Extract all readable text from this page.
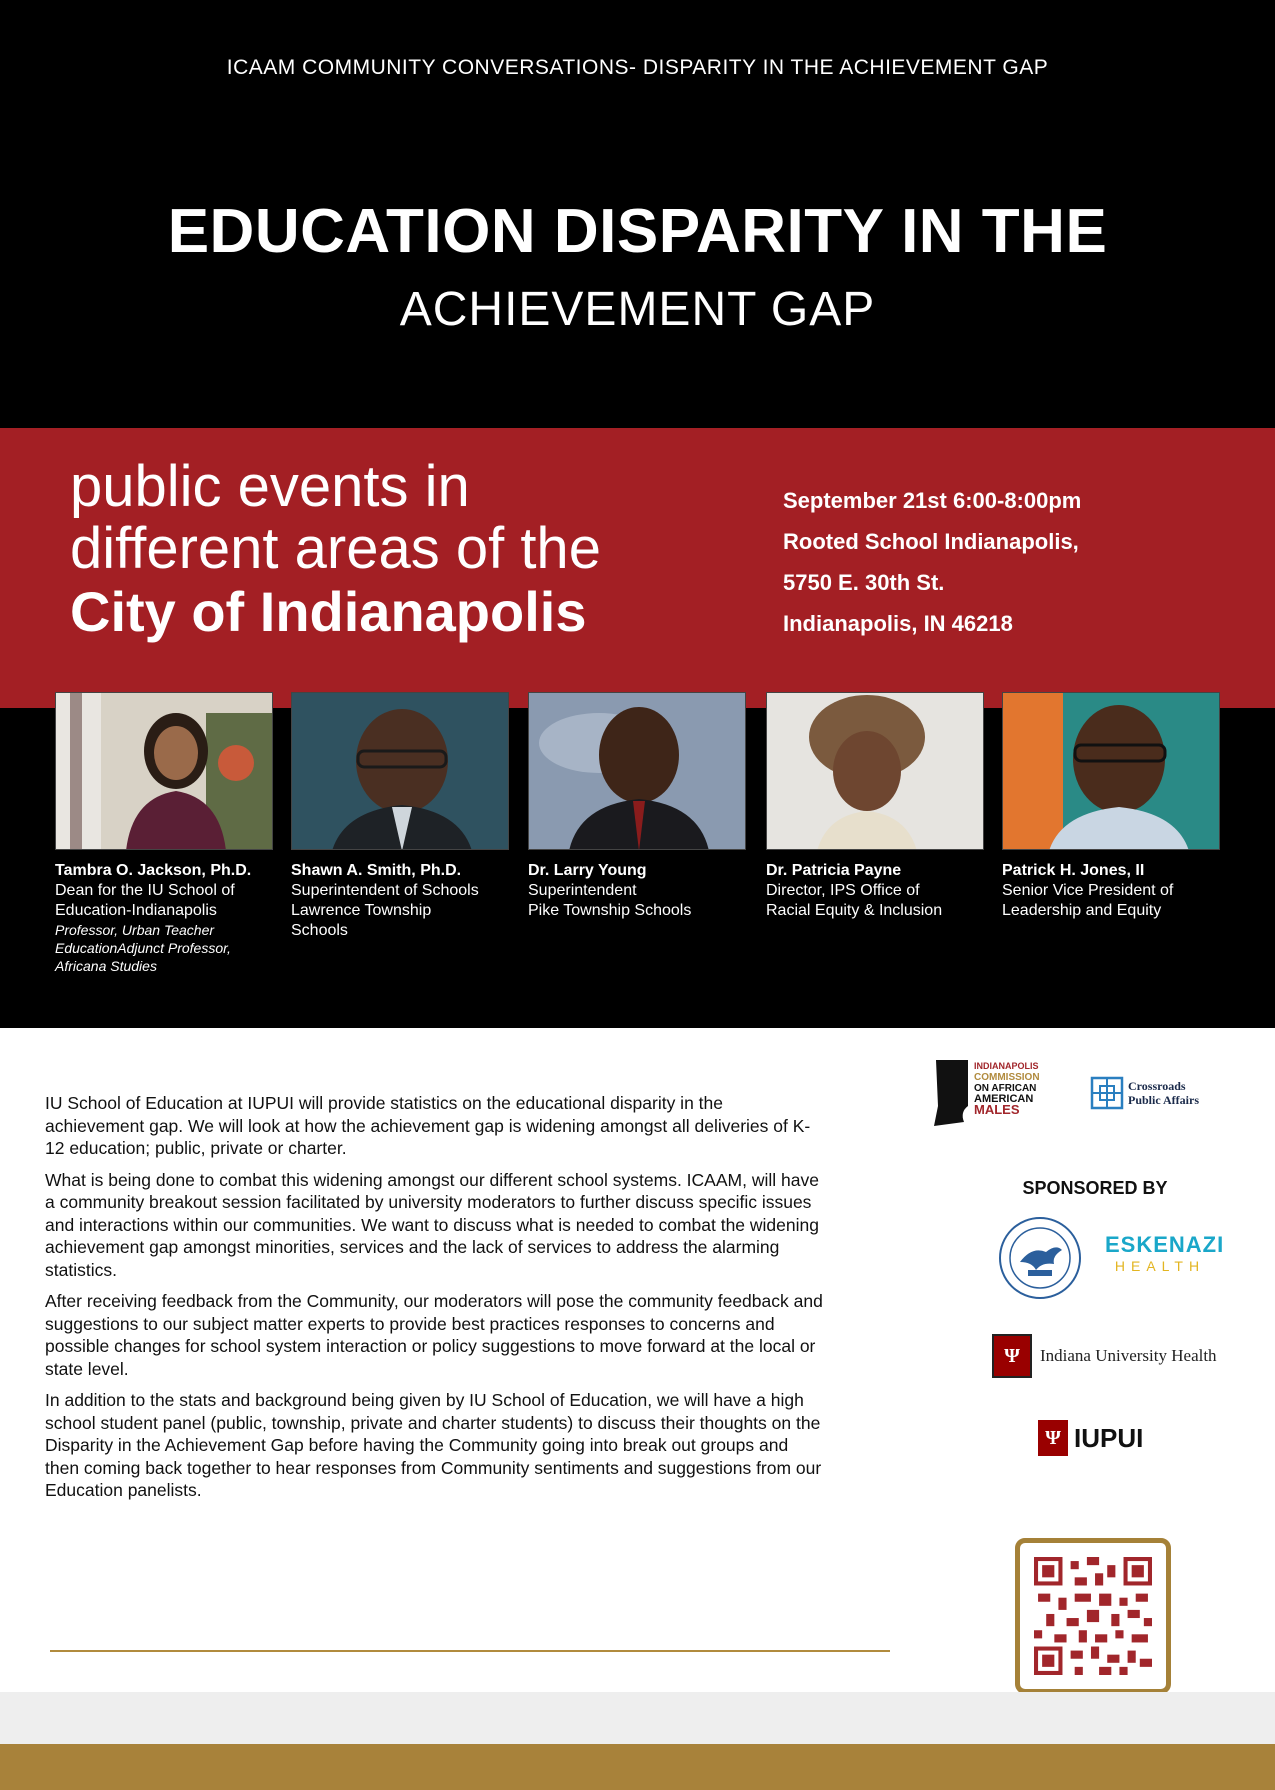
ICAAM COMMUNITY CONVERSATIONS- DISPARITY IN THE ACHIEVEMENT GAP
EDUCATION DISPARITY IN THE
ACHIEVEMENT GAP
public events in
different areas of the
City of Indianapolis
September 21st 6:00-8:00pm
Rooted School Indianapolis,
5750 E. 30th St.
Indianapolis, IN 46218
Tambra O. Jackson, Ph.D.
Dean for the IU School of
Education-Indianapolis
Professor, Urban Teacher
EducationAdjunct Professor,
Africana Studies
Shawn A. Smith, Ph.D.
Superintendent of Schools
Lawrence Township
Schools
Dr. Larry Young
Superintendent
Pike Township Schools
Dr. Patricia Payne
Director, IPS Office of
Racial Equity & Inclusion
Patrick H. Jones, II
Senior Vice President of
Leadership and Equity

IU School of Education at IUPUI will provide statistics on the educational disparity in the achievement gap. We will look at how the achievement gap is widening amongst all deliveries of K-12 education; public, private or charter.

What is being done to combat this widening amongst our different school systems. ICAAM, will have a community breakout session facilitated by university moderators to further discuss specific issues and interactions within our communities. We want to discuss what is needed to combat the widening achievement gap amongst minorities, services and the lack of services to address the alarming statistics.

After receiving feedback from the Community, our moderators will pose the community feedback and suggestions to our subject matter experts to provide best practices responses to concerns and possible changes for school system interaction or policy suggestions to move forward at the local or state level.

In addition to the stats and background being given by IU School of Education, we will have a high school student panel (public, township, private and charter students) to discuss their thoughts on the Disparity in the Achievement Gap before having the Community going into break out groups and then coming back together to hear responses from Community sentiments and suggestions from our Education panelists.

INDIANAPOLIS
COMMISSION
ON AFRICAN
AMERICAN
MALES
Crossroads
Public Affairs
SPONSORED BY
ESKENAZI
HEALTH
Ψ	Indiana University Health
Ψ IUPUI
